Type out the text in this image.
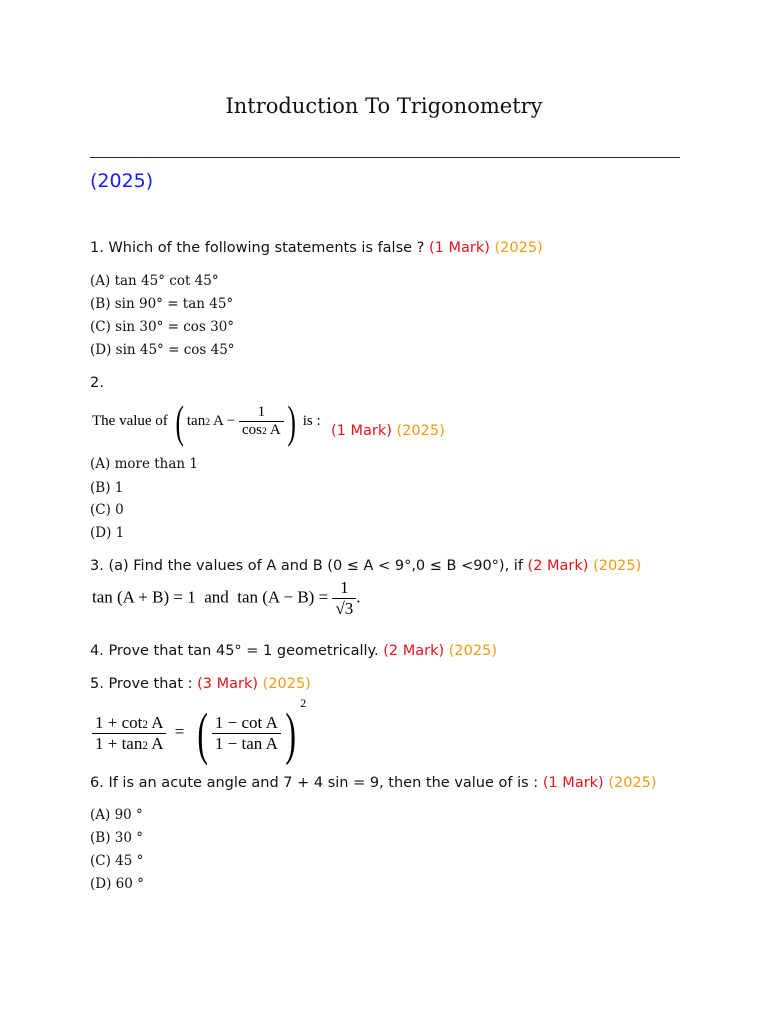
Introduction To Trigonometry
(2025)
1. Which of the following statements is false ? (1 Mark) (2025)
(A) tan 45° cot 45°
(B) sin 90° = tan 45°
(C) sin 30° = cos 30°
(D) sin 45° = cos 45°
2.
The value of ( $\tan^2 A - \frac{1}{\cos^2 A}$ ) is :
(1 Mark) (2025)
(A) more than 1
(B) 1
(C) 0
(D) 1
3. (a) Find the values of A and B (0 ≤ A < 9°,0 ≤ B <90°), if (2 Mark) (2025)
tan (A + B) = 1  and  $\tan (A - B) = \frac{1}{√3}$ .
4. Prove that tan 45° = 1 geometrically. (2 Mark) (2025)
5. Prove that : (3 Mark) (2025)
$\frac{1 + \cot^2 A}{1 + \tan^2 A}$ = ( $\frac{\text{1 − cot A}}{\text{1 − tan A}}$ ) $^2$
6. If is an acute angle and 7 + 4 sin = 9, then the value of is : (1 Mark) (2025)
(A) 90 °
(B) 30 °
(C) 45 °
(D) 60 °
